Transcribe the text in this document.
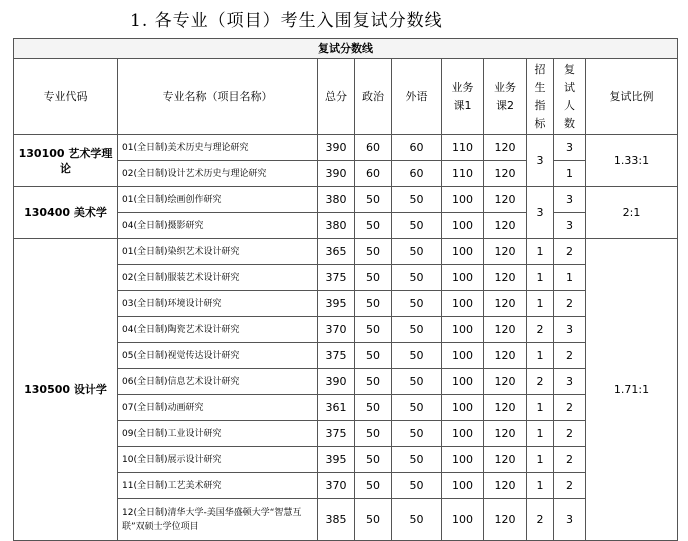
1. 各专业（项目）考生入围复试分数线
复试分数线									
专业代码	专业名称（项目名称）	总分	政治	外语	业务课1	业务课2	招生指标	复试人数	复试比例
130100 艺术学理论	01(全日制)美术历史与理论研究	390	60	60	110	120	3	3	1.33:1
	02(全日制)设计艺术历史与理论研究	390	60	60	110	120		1	
130400 美术学	01(全日制)绘画创作研究	380	50	50	100	120	3	3	2:1
	04(全日制)摄影研究	380	50	50	100	120		3	
130500 设计学	01(全日制)染织艺术设计研究	365	50	50	100	120	1	2	1.71:1
	02(全日制)服装艺术设计研究	375	50	50	100	120	1	1	
	03(全日制)环境设计研究	395	50	50	100	120	1	2	
	04(全日制)陶瓷艺术设计研究	370	50	50	100	120	2	3	
	05(全日制)视觉传达设计研究	375	50	50	100	120	1	2	
	06(全日制)信息艺术设计研究	390	50	50	100	120	2	3	
	07(全日制)动画研究	361	50	50	100	120	1	2	
	09(全日制)工业设计研究	375	50	50	100	120	1	2	
	10(全日制)展示设计研究	395	50	50	100	120	1	2	
	11(全日制)工艺美术研究	370	50	50	100	120	1	2	
	12(全日制)清华大学-美国华盛顿大学“智慧互联”双硕士学位项目	385	50	50	100	120	2	3	
